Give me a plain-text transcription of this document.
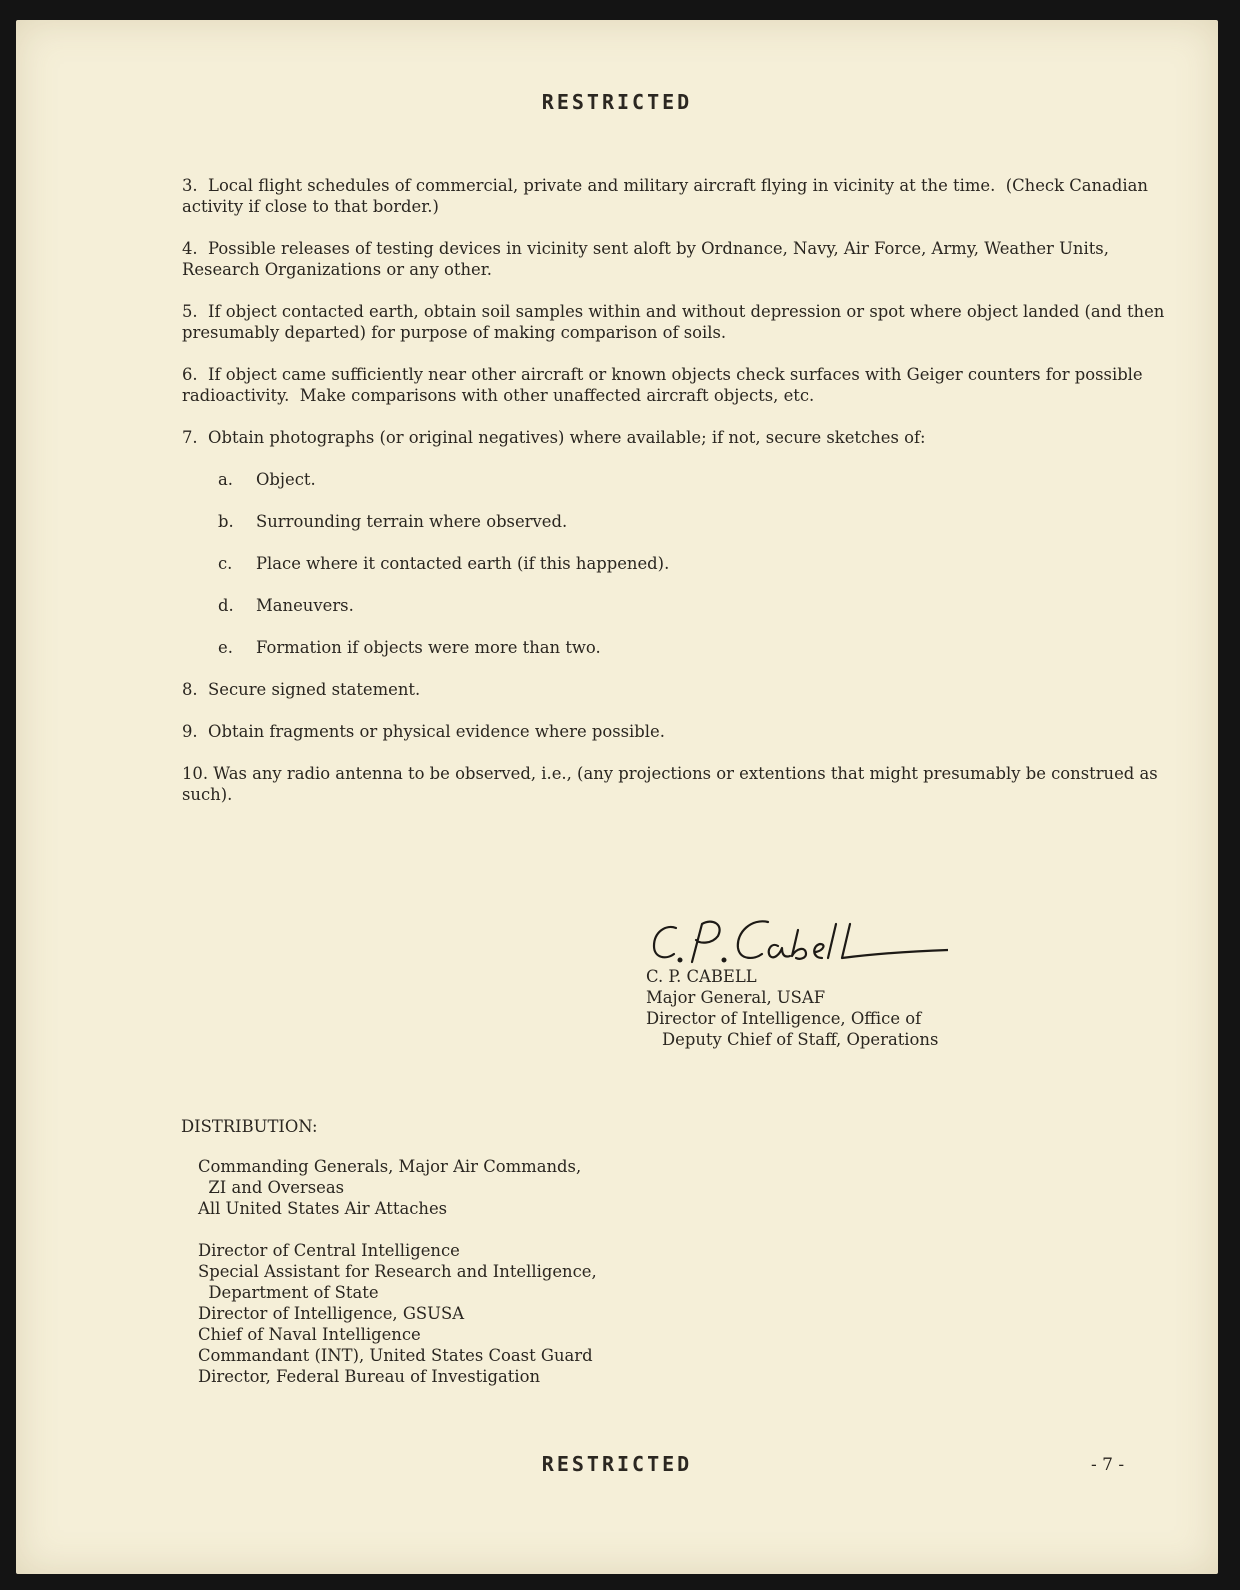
RESTRICTED

3.  Local flight schedules of commercial, private and military aircraft flying in vicinity at the time.  (Check Canadian activity if close to that border.)

4.  Possible releases of testing devices in vicinity sent aloft by Ordnance, Navy, Air Force, Army, Weather Units, Research Organizations or any other.

5.  If object contacted earth, obtain soil samples within and without depression or spot where object landed (and then presumably departed) for purpose of making comparison of soils.

6.  If object came sufficiently near other aircraft or known objects check surfaces with Geiger counters for possible radioactivity.  Make comparisons with other unaffected aircraft objects, etc.

7.  Obtain photographs (or original negatives) where available; if not, secure sketches of:

a. Object.
b. Surrounding terrain where observed.
c. Place where it contacted earth (if this happened).
d. Maneuvers.
e. Formation if objects were more than two.

8.  Secure signed statement.

9.  Obtain fragments or physical evidence where possible.

10. Was any radio antenna to be observed, i.e., (any projections or extentions that might presumably be construed as such).

C. P. CABELL
Major General, USAF
Director of Intelligence, Office of
Deputy Chief of Staff, Operations
DISTRIBUTION:
Commanding Generals, Major Air Commands,
ZI and Overseas
All United States Air Attaches
Director of Central Intelligence
Special Assistant for Research and Intelligence,
Department of State
Director of Intelligence, GSUSA
Chief of Naval Intelligence
Commandant (INT), United States Coast Guard
Director, Federal Bureau of Investigation
RESTRICTED	- 7 -
